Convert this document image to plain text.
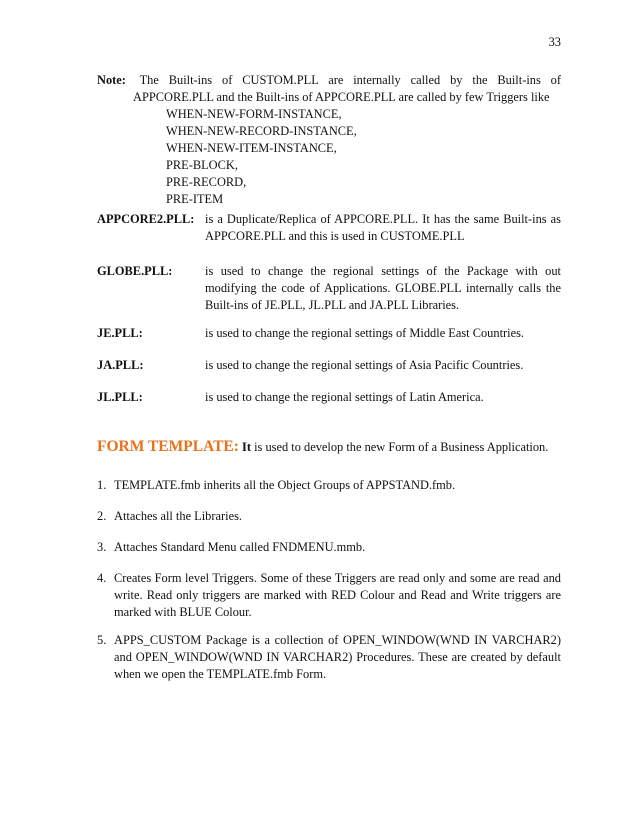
33

Note: The Built-ins of CUSTOM.PLL are internally called by the Built-ins of

APPCORE.PLL and the Built-ins of APPCORE.PLL are called by few Triggers like

WHEN-NEW-FORM-INSTANCE,
WHEN-NEW-RECORD-INSTANCE,
WHEN-NEW-ITEM-INSTANCE,
PRE-BLOCK,
PRE-RECORD,
PRE-ITEM
APPCORE2.PLL: is a Duplicate/Replica of APPCORE.PLL. It has the same Built-ins as APPCORE.PLL and this is used in CUSTOME.PLL

GLOBE.PLL:	is used to change the regional settings of the Package with out modifying the code of Applications. GLOBE.PLL internally calls the Built-ins of JE.PLL, JL.PLL and JA.PLL Libraries.

JE.PLL:	is used to change the regional settings of Middle East Countries.

JA.PLL:	is used to change the regional settings of Asia Pacific Countries.

JL.PLL:	is used to change the regional settings of Latin America.

FORM TEMPLATE: It is used to develop the new Form of a Business Application.
1. TEMPLATE.fmb inherits all the Object Groups of APPSTAND.fmb.

2. Attaches all the Libraries.

3. Attaches Standard Menu called FNDMENU.mmb.

4. Creates Form level Triggers. Some of these Triggers are read only and some are read and write. Read only triggers are marked with RED Colour and Read and Write triggers are marked with BLUE Colour.

5. APPS_CUSTOM Package is a collection of OPEN_WINDOW(WND IN VARCHAR2) and OPEN_WINDOW(WND IN VARCHAR2) Procedures. These are created by default when we open the TEMPLATE.fmb Form.
